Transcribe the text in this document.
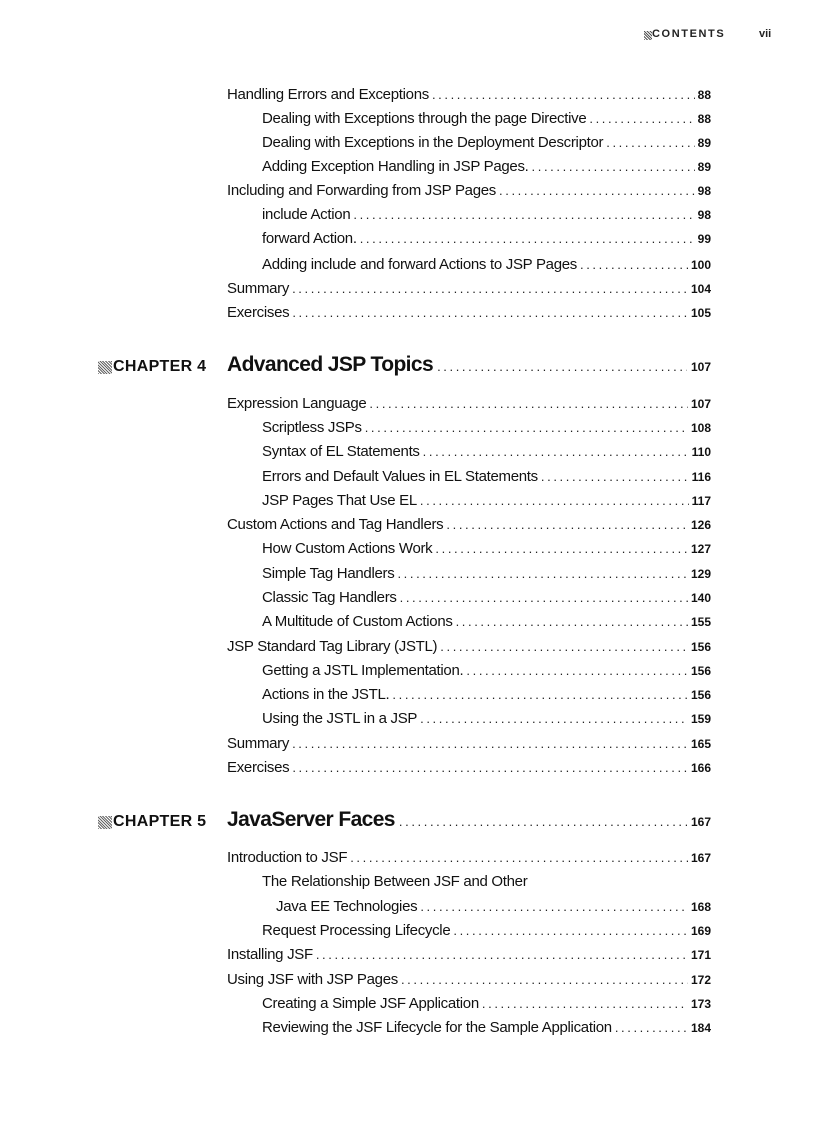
CONTENTS	vii
Handling Errors and Exceptions .....	88
Dealing with Exceptions through the page Directive .....	88
Dealing with Exceptions in the Deployment Descriptor .....	89
Adding Exception Handling in JSP Pages. .....	89
Including and Forwarding from JSP Pages .....	98
include Action .....	98
forward Action. .....	99
Adding include and forward Actions to JSP Pages .....	100
Summary .....	104
Exercises .....	105
CHAPTER 4 Advanced JSP Topics .....	107
Expression Language .....	107
Scriptless JSPs .....	108
Syntax of EL Statements .....	110
Errors and Default Values in EL Statements .....	116
JSP Pages That Use EL .....	117
Custom Actions and Tag Handlers .....	126
How Custom Actions Work .....	127
Simple Tag Handlers .....	129
Classic Tag Handlers .....	140
A Multitude of Custom Actions .....	155
JSP Standard Tag Library (JSTL) .....	156
Getting a JSTL Implementation. .....	156
Actions in the JSTL. .....	156
Using the JSTL in a JSP .....	159
Summary .....	165
Exercises .....	166
CHAPTER 5 JavaServer Faces .....	167
Introduction to JSF .....	167
The Relationship Between JSF and Other
Java EE Technologies .....	168
Request Processing Lifecycle .....	169
Installing JSF .....	171
Using JSF with JSP Pages .....	172
Creating a Simple JSF Application .....	173
Reviewing the JSF Lifecycle for the Sample Application .....	184
